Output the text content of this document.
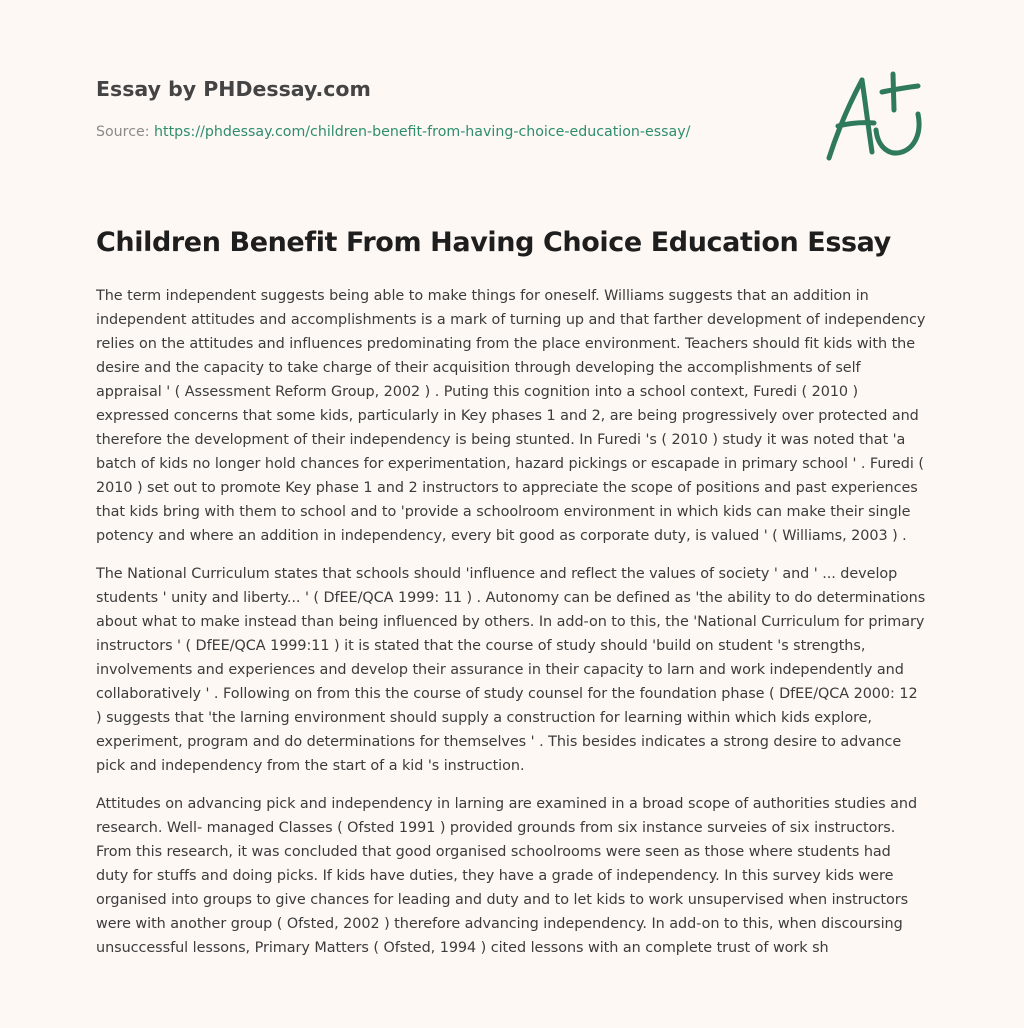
Essay by PHDessay.com
Source: https://phdessay.com/children-benefit-from-having-choice-education-essay/
Children Benefit From Having Choice Education Essay

The term independent suggests being able to make things for oneself. Williams suggests that an addition in independent attitudes and accomplishments is a mark of turning up and that farther development of independency relies on the attitudes and influences predominating from the place environment. Teachers should fit kids with the desire and the capacity to take charge of their acquisition through developing the accomplishments of self appraisal ' ( Assessment Reform Group, 2002 ) . Puting this cognition into a school context, Furedi ( 2010 ) expressed concerns that some kids, particularly in Key phases 1 and 2, are being progressively over protected and therefore the development of their independency is being stunted. In Furedi 's ( 2010 ) study it was noted that 'a batch of kids no longer hold chances for experimentation, hazard pickings or escapade in primary school ' . Furedi ( 2010 ) set out to promote Key phase 1 and 2 instructors to appreciate the scope of positions and past experiences that kids bring with them to school and to 'provide a schoolroom environment in which kids can make their single potency and where an addition in independency, every bit good as corporate duty, is valued ' ( Williams, 2003 ) .

The National Curriculum states that schools should 'influence and reflect the values of society ' and ' ... develop students ' unity and liberty... ' ( DfEE/QCA 1999: 11 ) . Autonomy can be defined as 'the ability to do determinations about what to make instead than being influenced by others. In add-on to this, the 'National Curriculum for primary instructors ' ( DfEE/QCA 1999:11 ) it is stated that the course of study should 'build on student 's strengths, involvements and experiences and develop their assurance in their capacity to larn and work independently and collaboratively ' . Following on from this the course of study counsel for the foundation phase ( DfEE/QCA 2000: 12 ) suggests that 'the larning environment should supply a construction for learning within which kids explore, experiment, program and do determinations for themselves ' . This besides indicates a strong desire to advance pick and independency from the start of a kid 's instruction.

Attitudes on advancing pick and independency in larning are examined in a broad scope of authorities studies and research. Well- managed Classes ( Ofsted 1991 ) provided grounds from six instance surveies of six instructors. From this research, it was concluded that good organised schoolrooms were seen as those where students had duty for stuffs and doing picks. If kids have duties, they have a grade of independency. In this survey kids were organised into groups to give chances for leading and duty and to let kids to work unsupervised when instructors were with another group ( Ofsted, 2002 ) therefore advancing independency. In add-on to this, when discoursing unsuccessful lessons, Primary Matters ( Ofsted, 1994 ) cited lessons with an complete trust of work sh
